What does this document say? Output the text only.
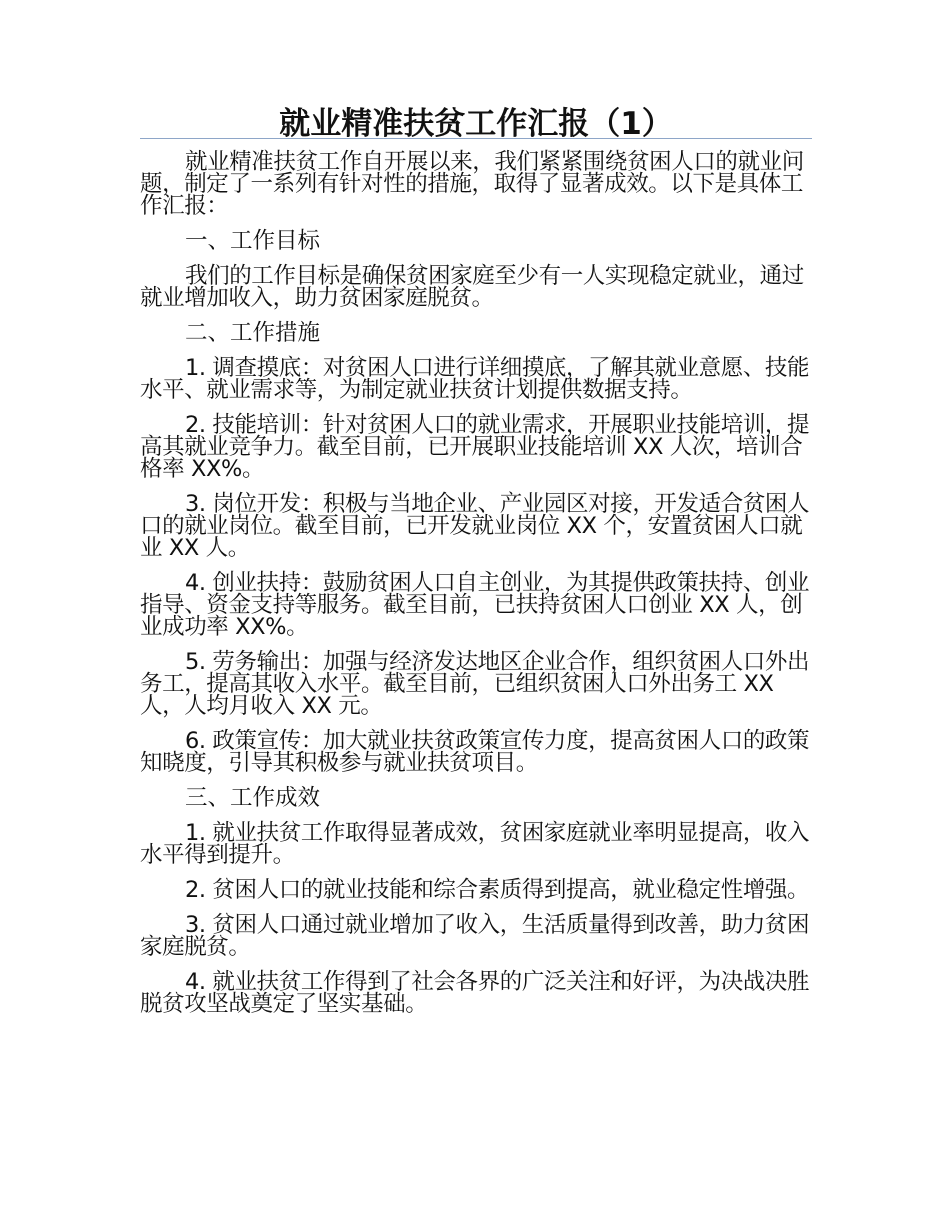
就业精准扶贫工作汇报（1）

就业精准扶贫工作自开展以来，我们紧紧围绕贫困人口的就业问题，制定了一系列有针对性的措施，取得了显著成效。以下是具体工作汇报：

一、工作目标

我们的工作目标是确保贫困家庭至少有一人实现稳定就业，通过就业增加收入，助力贫困家庭脱贫。

二、工作措施

1. 调查摸底：对贫困人口进行详细摸底，了解其就业意愿、技能水平、就业需求等，为制定就业扶贫计划提供数据支持。

2. 技能培训：针对贫困人口的就业需求，开展职业技能培训，提高其就业竞争力。截至目前，已开展职业技能培训 XX 人次，培训合格率 XX%。

3. 岗位开发：积极与当地企业、产业园区对接，开发适合贫困人口的就业岗位。截至目前，已开发就业岗位 XX 个，安置贫困人口就业 XX 人。

4. 创业扶持：鼓励贫困人口自主创业，为其提供政策扶持、创业指导、资金支持等服务。截至目前，已扶持贫困人口创业 XX 人，创业成功率 XX%。

5. 劳务输出：加强与经济发达地区企业合作，组织贫困人口外出务工，提高其收入水平。截至目前，已组织贫困人口外出务工 XX 人，人均月收入 XX 元。

6. 政策宣传：加大就业扶贫政策宣传力度，提高贫困人口的政策知晓度，引导其积极参与就业扶贫项目。

三、工作成效

1. 就业扶贫工作取得显著成效，贫困家庭就业率明显提高，收入水平得到提升。

2. 贫困人口的就业技能和综合素质得到提高，就业稳定性增强。

3. 贫困人口通过就业增加了收入，生活质量得到改善，助力贫困家庭脱贫。

4. 就业扶贫工作得到了社会各界的广泛关注和好评，为决战决胜脱贫攻坚战奠定了坚实基础。
